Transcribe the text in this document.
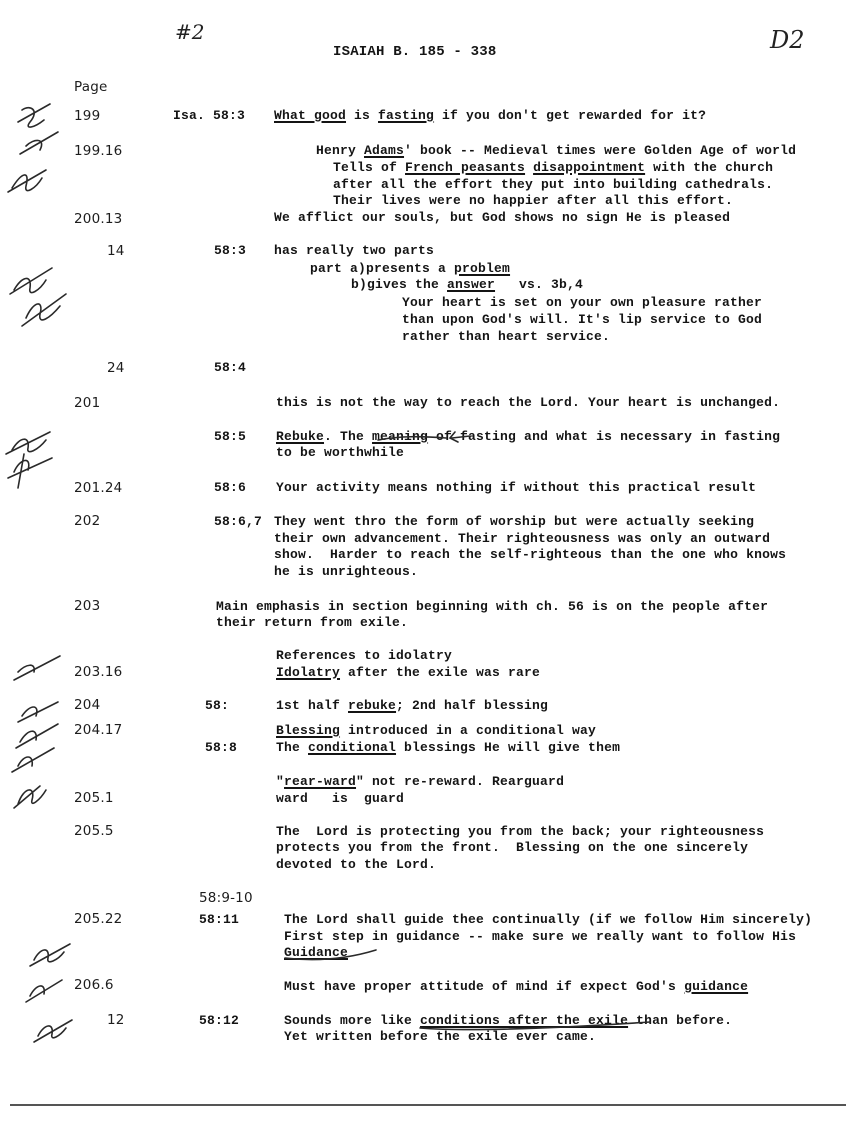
#2
ISAIAH B. 185 - 338	D2
Page
199	Isa. 58:3 What good is fasting if you don't get rewarded for it?
199.16	Henry Adams' book -- Medieval times were Golden Age of world
Tells of French peasants disappointment with the church
after all the effort they put into building cathedrals.
Their lives were no happier after all this effort.
200.13	We afflict our souls, but God shows no sign He is pleased
14	58:3 has really two parts
part a)presents a problem
b)gives the answer   vs. 3b,4
Your heart is set on your own pleasure rather
than upon God's will. It's lip service to God
rather than heart service.
24	58:4
201	this is not the way to reach the Lord. Your heart is unchanged.
58:5 Rebuke. The meaning of fasting and what is necessary in fasting
to be worthwhile
201.24	58:6 Your activity means nothing if without this practical result
202	58:6,7 They went thro the form of worship but were actually seeking
their own advancement. Their righteousness was only an outward
show.  Harder to reach the self-righteous than the one who knows
he is unrighteous.
203	Main emphasis in section beginning with ch. 56 is on the people after
their return from exile.
References to idolatry
203.16	Idolatry after the exile was rare
204	58:	1st half rebuke; 2nd half blessing
204.17	Blessing introduced in a conditional way
58:8	The conditional blessings He will give them
"rear-ward" not re-reward. Rearguard
205.1	ward   is  guard
205.5	The  Lord is protecting you from the back; your righteousness
protects you from the front.  Blessing on the one sincerely
devoted to the Lord.
58:9-10
205.22	58:11	The Lord shall guide thee continually (if we follow Him sincerely)
First step in guidance -- make sure we really want to follow His
Guidance
206.6	Must have proper attitude of mind if expect God's guidance
12	58:12	Sounds more like conditions after the exile than before.
Yet written before the exile ever came.
